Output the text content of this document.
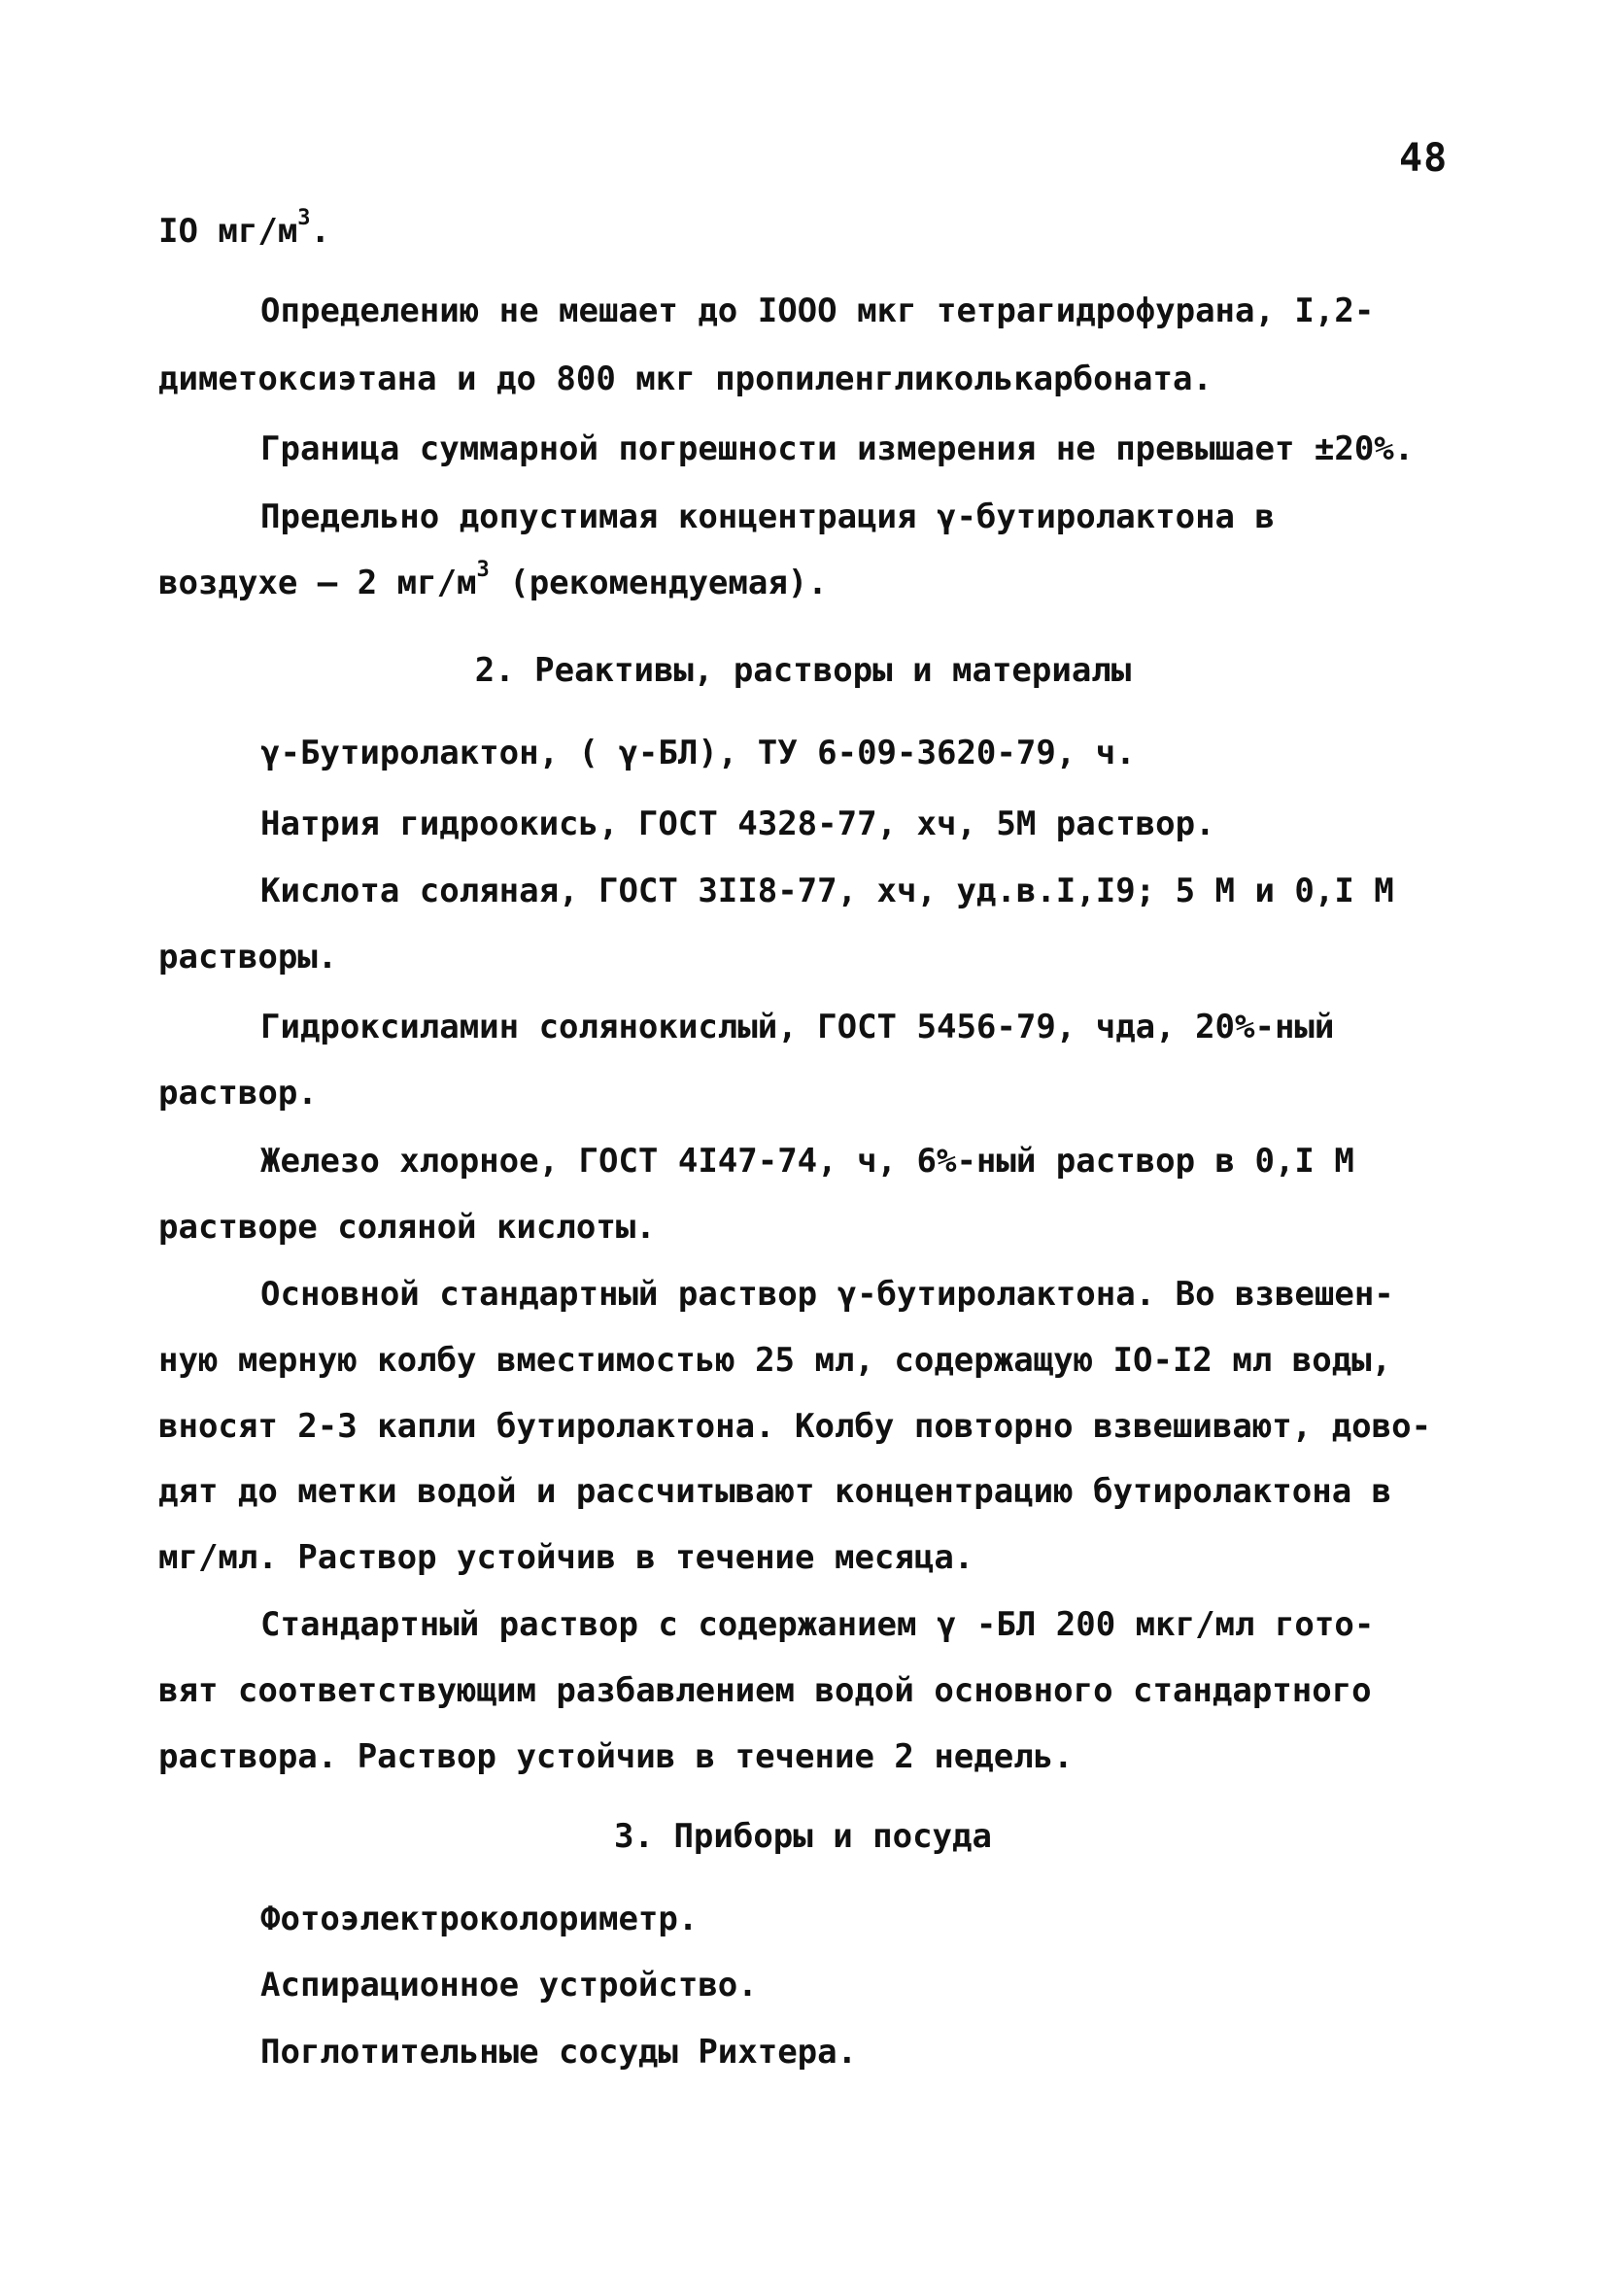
48
IO $мг/м^3$.
Определению не мешает до IOOO мкг тетрагидрофурана, I,2-
диметоксиэтана и до 800 мкг пропиленгликолькарбоната.
Граница суммарной погрешности измерения не превышает ±20%.
Предельно допустимая концентрация γ-бутиролактона в
воздухе – 2 $мг/м^3$ (рекомендуемая).
2. Реактивы, растворы и материалы
γ-Бутиролактон, ( γ-БЛ), ТУ 6-09-3620-79, ч.
Натрия гидроокись, ГОСТ 4328-77, хч, 5М раствор.
Кислота соляная, ГОСТ 3II8-77, хч, уд.в.I,I9; 5 М и 0,I М
растворы.
Гидроксиламин солянокислый, ГОСТ 5456-79, чда, 20%-ный
раствор.
Железо хлорное, ГОСТ 4I47-74, ч, 6%-ный раствор в 0,I М
растворе соляной кислоты.
Основной стандартный раствор γ-бутиролактона. Во взвешен-
ную мерную колбу вместимостью 25 мл, содержащую IO-I2 мл воды,
вносят 2-3 капли бутиролактона. Колбу повторно взвешивают, дово-
дят до метки водой и рассчитывают концентрацию бутиролактона в
мг/мл. Раствор устойчив в течение месяца.
Стандартный раствор с содержанием γ -БЛ 200 мкг/мл гото-
вят соответствующим разбавлением водой основного стандартного
раствора. Раствор устойчив в течение 2 недель.
3. Приборы и посуда
Фотоэлектроколориметр.
Аспирационное устройство.
Поглотительные сосуды Рихтера.
